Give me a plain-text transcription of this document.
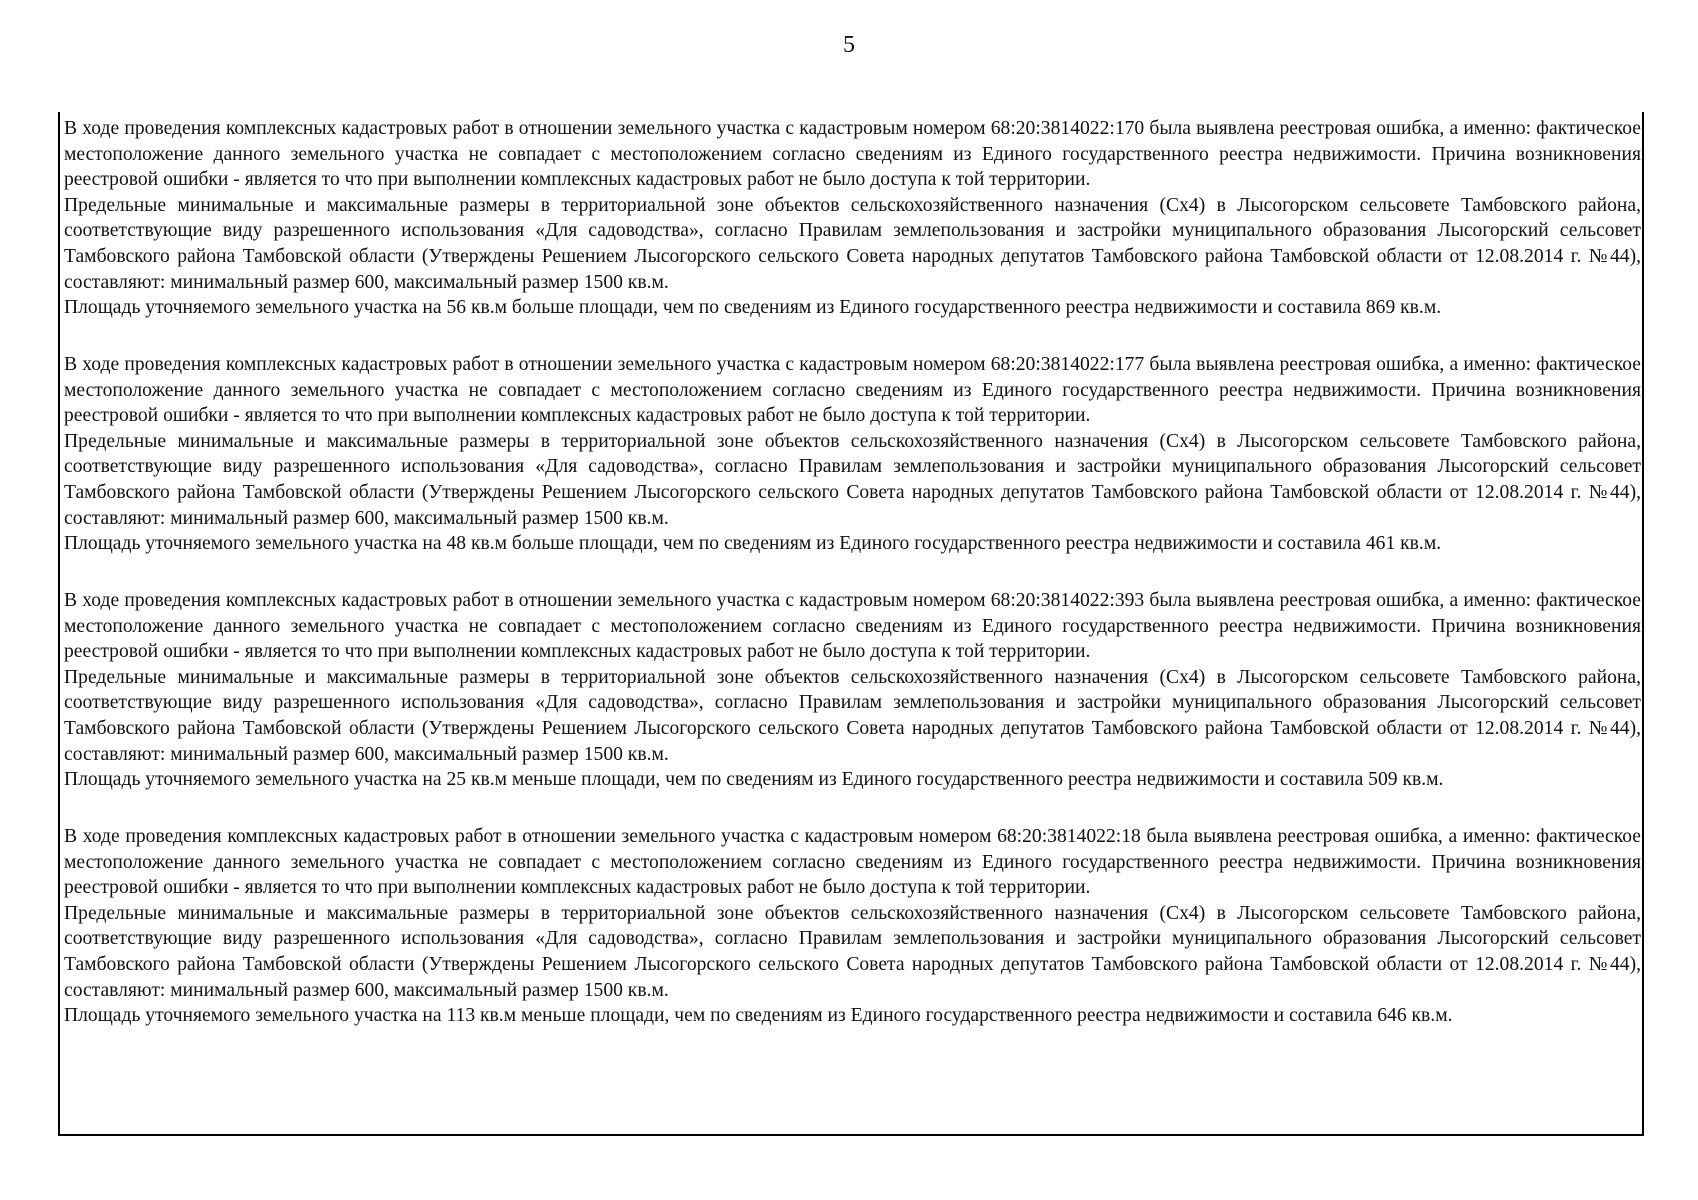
5

В ходе проведения комплексных кадастровых работ в отношении земельного участка с кадастровым номером 68:20:3814022:170 была выявлена реестровая ошибка, а именно: фактическое местоположение данного земельного участка не совпадает с местоположением согласно сведениям из Единого государственного реестра недвижимости. Причина возникновения реестровой ошибки - является то что при выполнении комплексных кадастровых работ не было доступа к той территории.

Предельные минимальные и максимальные размеры в территориальной зоне объектов сельскохозяйственного назначения (Сх4) в Лысогорском сельсовете Тамбовского района, соответствующие виду разрешенного использования «Для садоводства», согласно Правилам землепользования и застройки муниципального образования Лысогорский сельсовет Тамбовского района Тамбовской области (Утверждены Решением Лысогорского сельского Совета народных депутатов Тамбовского района Тамбовской области от 12.08.2014 г. №44), составляют: минимальный размер 600, максимальный размер 1500 кв.м.

Площадь уточняемого земельного участка на 56 кв.м больше площади, чем по сведениям из Единого государственного реестра недвижимости и составила 869 кв.м.

В ходе проведения комплексных кадастровых работ в отношении земельного участка с кадастровым номером 68:20:3814022:177 была выявлена реестровая ошибка, а именно: фактическое местоположение данного земельного участка не совпадает с местоположением согласно сведениям из Единого государственного реестра недвижимости. Причина возникновения реестровой ошибки - является то что при выполнении комплексных кадастровых работ не было доступа к той территории.

Предельные минимальные и максимальные размеры в территориальной зоне объектов сельскохозяйственного назначения (Сх4) в Лысогорском сельсовете Тамбовского района, соответствующие виду разрешенного использования «Для садоводства», согласно Правилам землепользования и застройки муниципального образования Лысогорский сельсовет Тамбовского района Тамбовской области (Утверждены Решением Лысогорского сельского Совета народных депутатов Тамбовского района Тамбовской области от 12.08.2014 г. №44), составляют: минимальный размер 600, максимальный размер 1500 кв.м.

Площадь уточняемого земельного участка на 48 кв.м больше площади, чем по сведениям из Единого государственного реестра недвижимости и составила 461 кв.м.

В ходе проведения комплексных кадастровых работ в отношении земельного участка с кадастровым номером 68:20:3814022:393 была выявлена реестровая ошибка, а именно: фактическое местоположение данного земельного участка не совпадает с местоположением согласно сведениям из Единого государственного реестра недвижимости. Причина возникновения реестровой ошибки - является то что при выполнении комплексных кадастровых работ не было доступа к той территории.

Предельные минимальные и максимальные размеры в территориальной зоне объектов сельскохозяйственного назначения (Сх4) в Лысогорском сельсовете Тамбовского района, соответствующие виду разрешенного использования «Для садоводства», согласно Правилам землепользования и застройки муниципального образования Лысогорский сельсовет Тамбовского района Тамбовской области (Утверждены Решением Лысогорского сельского Совета народных депутатов Тамбовского района Тамбовской области от 12.08.2014 г. №44), составляют: минимальный размер 600, максимальный размер 1500 кв.м.

Площадь уточняемого земельного участка на 25 кв.м меньше площади, чем по сведениям из Единого государственного реестра недвижимости и составила 509 кв.м.

В ходе проведения комплексных кадастровых работ в отношении земельного участка с кадастровым номером 68:20:3814022:18 была выявлена реестровая ошибка, а именно: фактическое местоположение данного земельного участка не совпадает с местоположением согласно сведениям из Единого государственного реестра недвижимости. Причина возникновения реестровой ошибки - является то что при выполнении комплексных кадастровых работ не было доступа к той территории.

Предельные минимальные и максимальные размеры в территориальной зоне объектов сельскохозяйственного назначения (Сх4) в Лысогорском сельсовете Тамбовского района, соответствующие виду разрешенного использования «Для садоводства», согласно Правилам землепользования и застройки муниципального образования Лысогорский сельсовет Тамбовского района Тамбовской области (Утверждены Решением Лысогорского сельского Совета народных депутатов Тамбовского района Тамбовской области от 12.08.2014 г. №44), составляют: минимальный размер 600, максимальный размер 1500 кв.м.

Площадь уточняемого земельного участка на 113 кв.м меньше площади, чем по сведениям из Единого государственного реестра недвижимости и составила 646 кв.м.
